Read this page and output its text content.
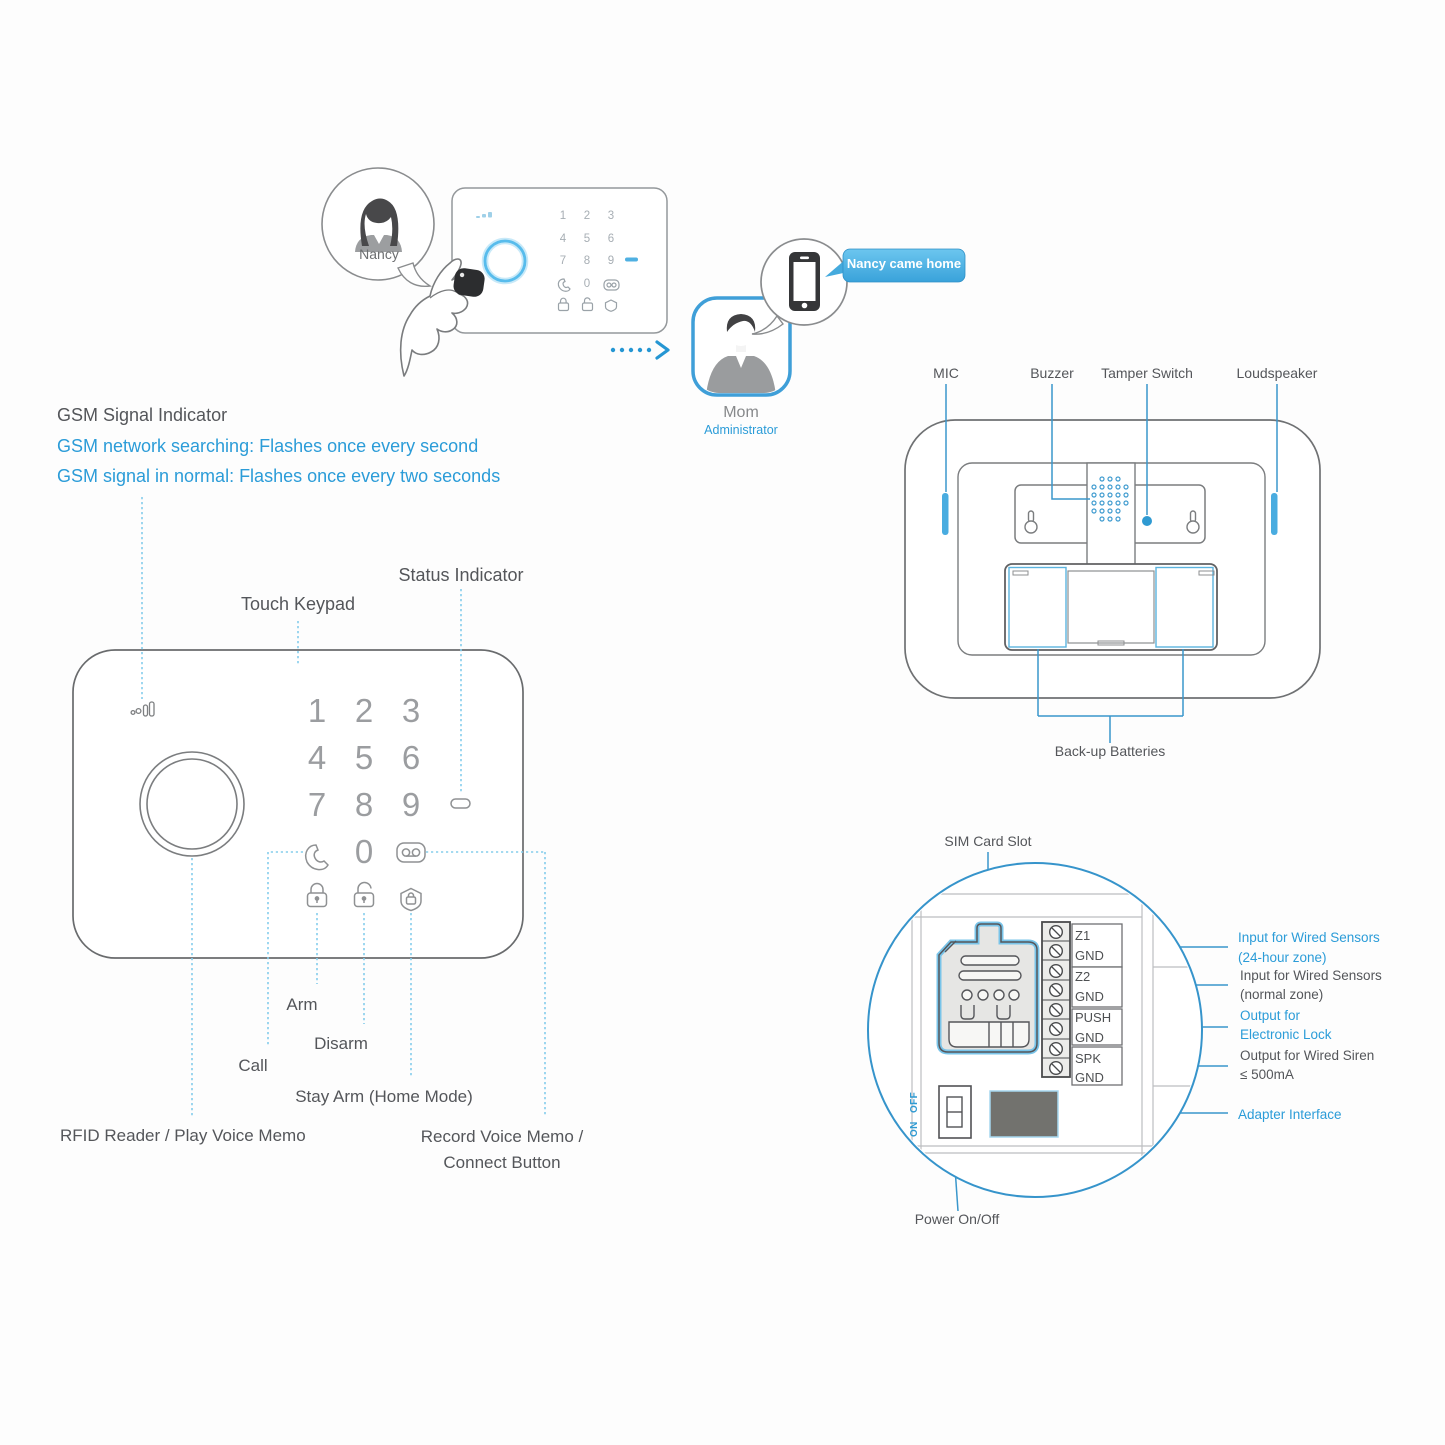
Nancy
Mom
Administrator
Nancy came home
GSM Signal Indicator
GSM network searching: Flashes once every second
GSM signal in normal: Flashes once every two seconds
Touch Keypad
Status Indicator
1 2 3
4 5 6
7 8 9
0
1	2	3
4	5	6
7	8	9
0
Arm
Disarm
Call
Stay Arm (Home Mode)
RFID Reader / Play Voice Memo	Record Voice Memo /
Connect Button
MIC	Buzzer	Tamper Switch	Loudspeaker
Back-up Batteries
SIM Card Slot
Power On/Off
OFF
ON
Z1
GND
Z2
GND
PUSH
GND
SPK
GND
Input for Wired Sensors
(24-hour zone)
Input for Wired Sensors
(normal zone)
Output for
Electronic Lock
Output for Wired Siren
≤ 500mA
Adapter Interface
